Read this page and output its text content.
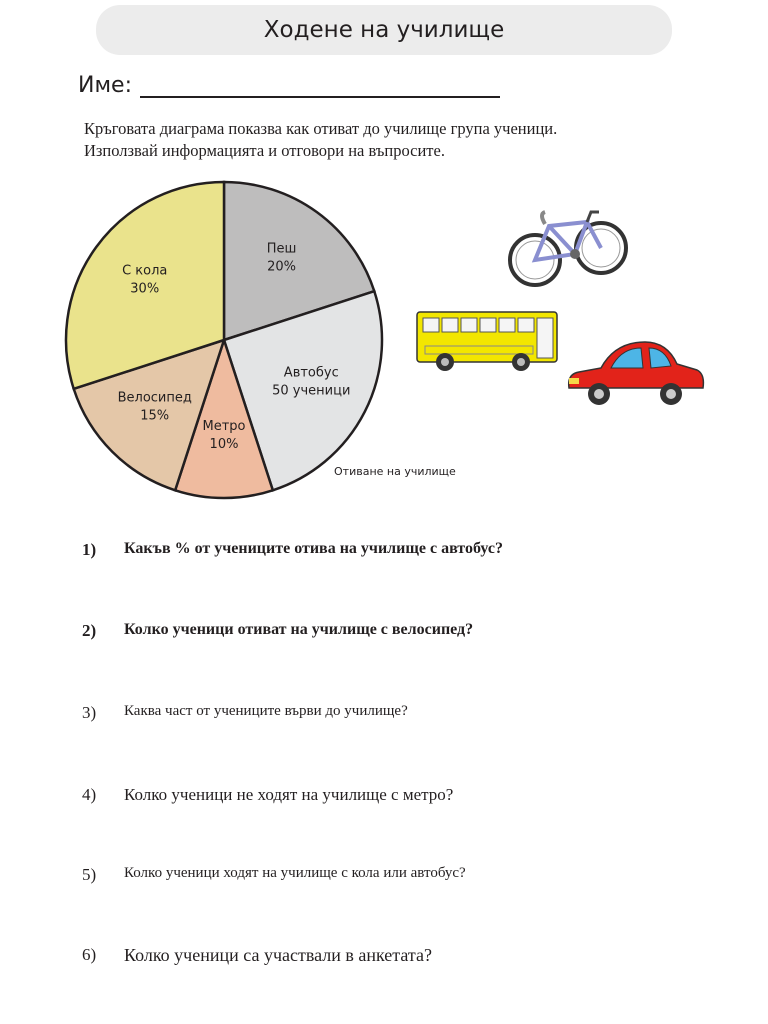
Ходене на училище
Име:
Кръговата диаграма показва как отиват до училище група ученици.
Използвай информацията и отговори на въпросите.
Пеш
20%
Автобус
50 ученици
Метро
10%
Велосипед
15%
С кола
30%
Отиване на училище
1)	Какъв % от учениците отива на училище с автобус?
2)	Колко ученици отиват на училище с велосипед?
3)	Каква част от учениците върви до училище?
4)	Колко ученици не ходят на училище с метро?
5)	Колко ученици ходят на училище с кола или автобус?
6)	Колко ученици са участвали в анкетата?
